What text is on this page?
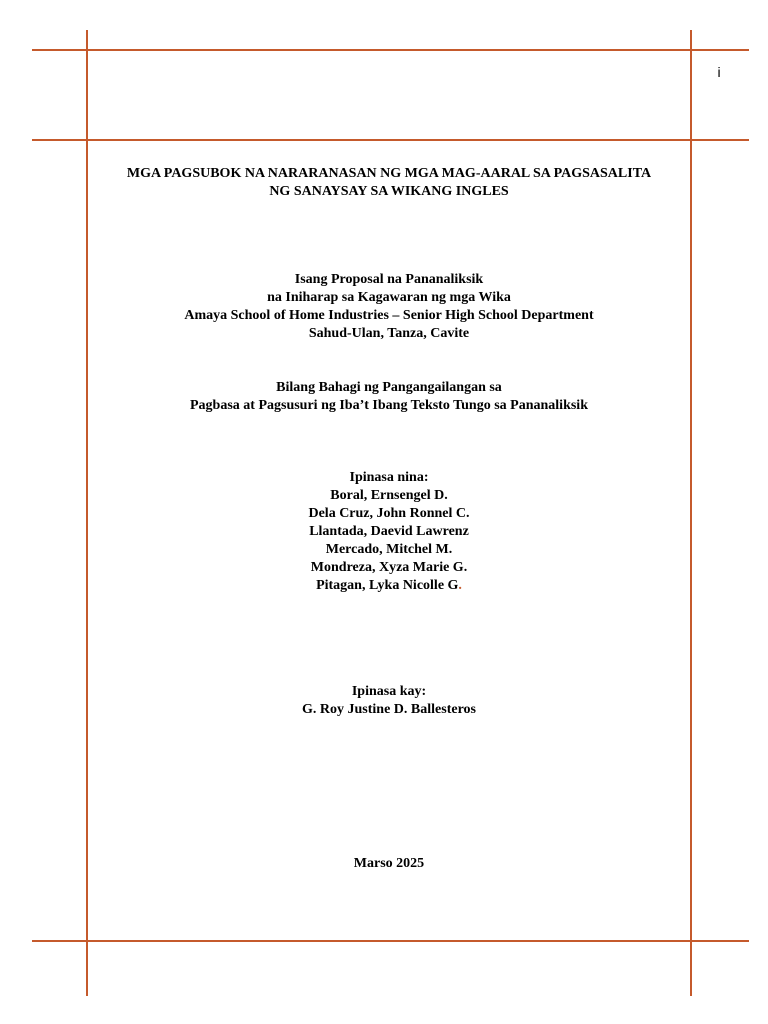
i
MGA PAGSUBOK NA NARARANASAN NG MGA MAG-AARAL SA PAGSASALITA
NG SANAYSAY SA WIKANG INGLES
Isang Proposal na Pananaliksik
na Iniharap sa Kagawaran ng mga Wika
Amaya School of Home Industries – Senior High School Department
Sahud-Ulan, Tanza, Cavite
Bilang Bahagi ng Pangangailangan sa
Pagbasa at Pagsusuri ng Iba’t Ibang Teksto Tungo sa Pananaliksik
Ipinasa nina:
Boral, Ernsengel D.
Dela Cruz, John Ronnel C.
Llantada, Daevid Lawrenz
Mercado, Mitchel M.
Mondreza, Xyza Marie G.
Pitagan, Lyka Nicolle G.
Ipinasa kay:
G. Roy Justine D. Ballesteros
Marso 2025
